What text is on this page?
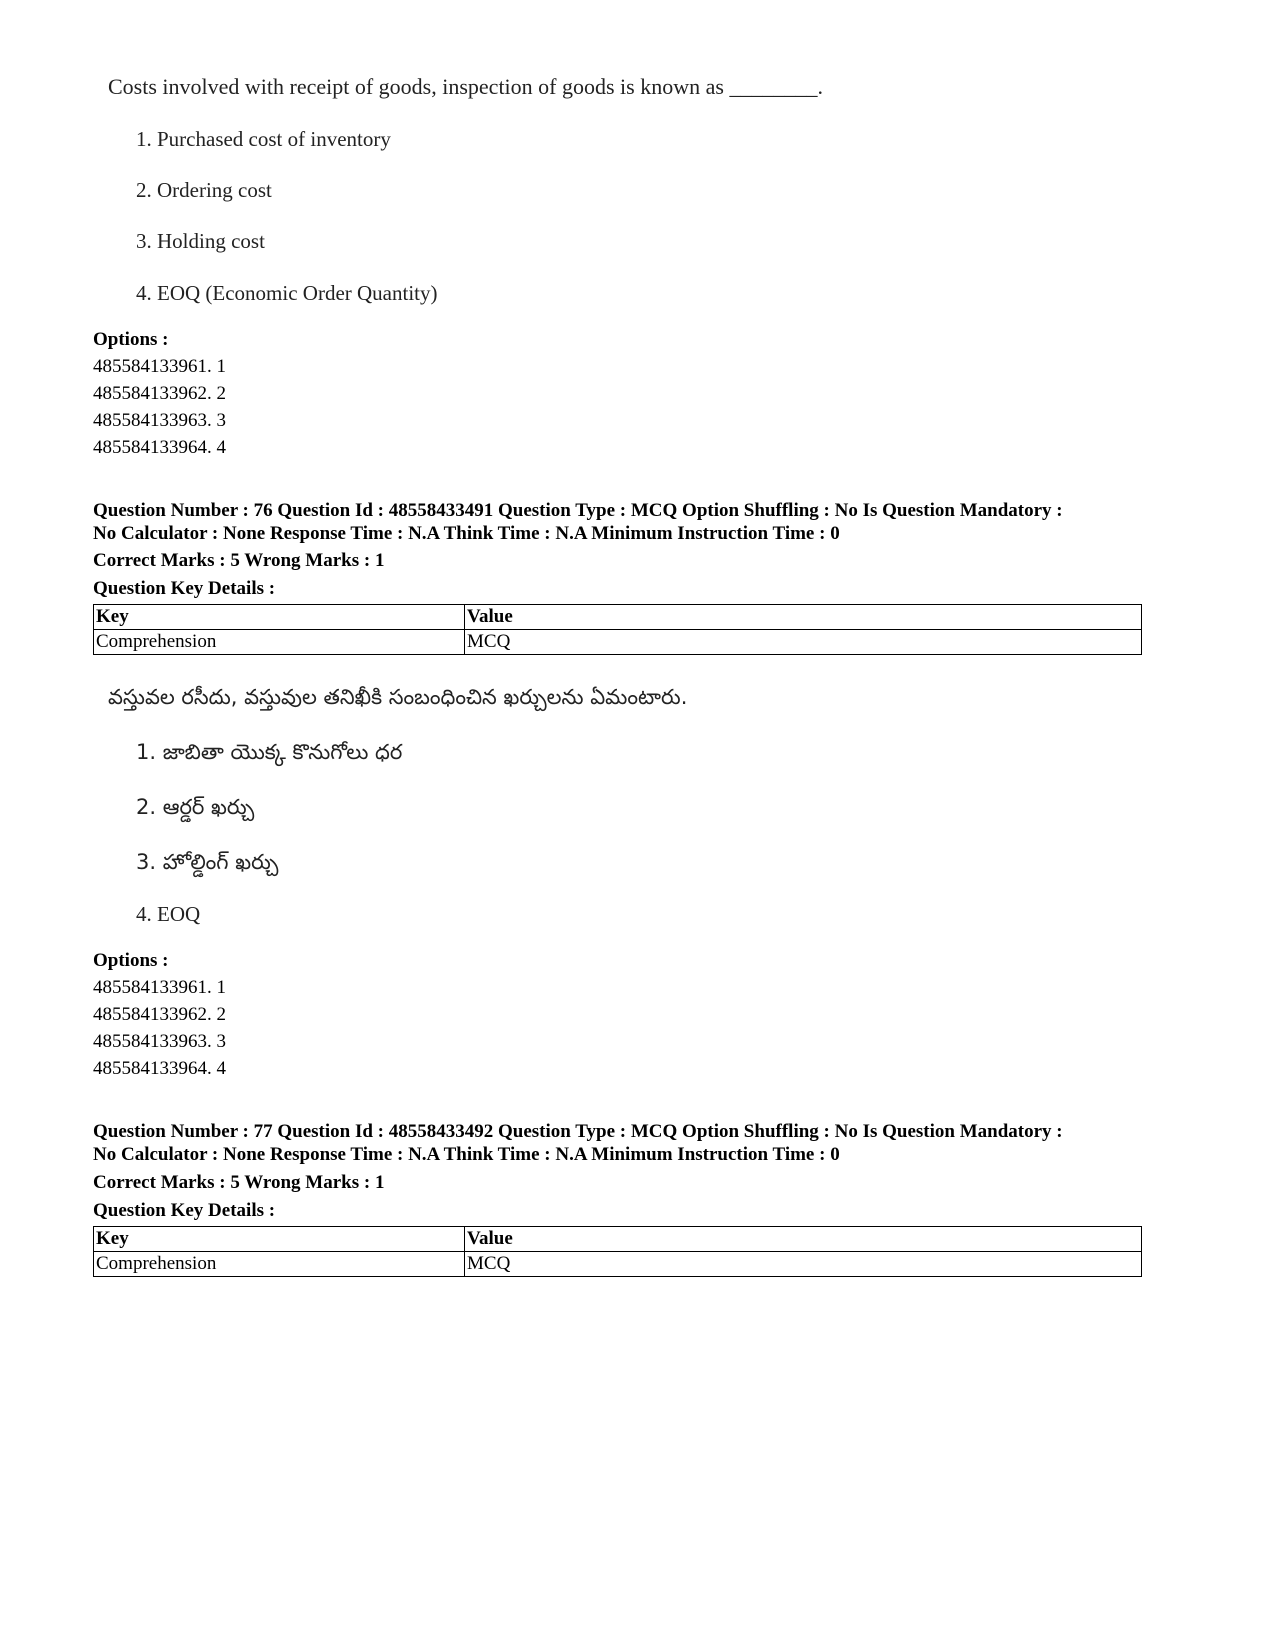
Costs involved with receipt of goods, inspection of goods is known as ________.
1. Purchased cost of inventory
2. Ordering cost
3. Holding cost
4. EOQ (Economic Order Quantity)
Options :
485584133961. 1
485584133962. 2
485584133963. 3
485584133964. 4
Question Number : 76 Question Id : 48558433491 Question Type : MCQ Option Shuffling : No Is Question Mandatory :
No Calculator : None Response Time : N.A Think Time : N.A Minimum Instruction Time : 0
Correct Marks : 5 Wrong Marks : 1
Question Key Details :
Key	Value
Comprehension	MCQ
వస్తువల రసీదు, వస్తువుల తనిఖీకి సంబంధించిన ఖర్చులను ఏమంటారు.
1. జాబితా యొక్క కొనుగోలు ధర
2. ఆర్డర్ ఖర్చు
3. హోల్డింగ్ ఖర్చు
4. EOQ
Options :
485584133961. 1
485584133962. 2
485584133963. 3
485584133964. 4
Question Number : 77 Question Id : 48558433492 Question Type : MCQ Option Shuffling : No Is Question Mandatory :
No Calculator : None Response Time : N.A Think Time : N.A Minimum Instruction Time : 0
Correct Marks : 5 Wrong Marks : 1
Question Key Details :
Key	Value
Comprehension	MCQ
